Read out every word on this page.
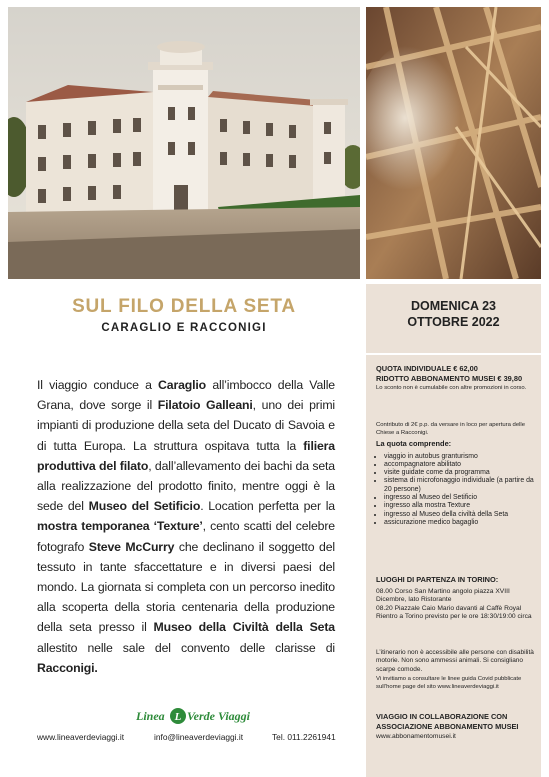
SUL FILO DELLA SETA
CARAGLIO E RACCONIGI

Il viaggio conduce a Caraglio all’imbocco della Valle Grana, dove sorge il Filatoio Galleani, uno dei primi impianti di produzione della seta del Ducato di Savoia e di tutta Europa. La struttura ospitava tutta la filiera produttiva del filato, dall’allevamento dei bachi da seta alla realizzazione del prodotto finito, mentre oggi è la sede del Museo del Setificio. Location perfetta per la mostra temporanea ‘Texture’, cento scatti del celebre fotografo Steve McCurry che declinano il soggetto del tessuto in tante sfaccettature e in diversi paesi del mondo. La giornata si completa con un percorso inedito alla scoperta della storia centenaria della produzione della seta presso il Museo della Civiltà della Seta allestito nelle sale del convento delle clarisse di Racconigi.

Linea L Verde Viaggi
www.lineaverdeviaggi.it	info@lineaverdeviaggi.it	Tel. 011.2261941
DOMENICA 23
OTTOBRE 2022
QUOTA INDIVIDUALE € 62,00
RIDOTTO ABBONAMENTO MUSEI € 39,80
Lo sconto non è cumulabile con altre promozioni in corso.
Contributo di 2€ p.p. da versare in loco per apertura delle Chiese a Racconigi.
La quota comprende:
• viaggio in autobus granturismo
• accompagnatore abilitato
• visite guidate come da programma
• sistema di microfonaggio individuale (a partire da 20 persone)
• ingresso al Museo del Setificio
• ingresso alla mostra Texture
• ingresso al Museo della civiltà della Seta
• assicurazione medico bagaglio
LUOGHI DI PARTENZA IN TORINO:
08.00 Corso San Martino angolo piazza XVIII Dicembre, lato Ristorante
08.20 Piazzale Caio Mario davanti al Caffè Royal
Rientro a Torino previsto per le ore 18:30/19:00 circa
L’itinerario non è accessibile alle persone con disabilità motorie. Non sono ammessi animali. Si consigliano scarpe comode.
Vi invitiamo a consultare le linee guida Covid pubblicate sull’home page del sito www.lineaverdeviaggi.it
VIAGGIO IN COLLABORAZIONE CON
ASSOCIAZIONE ABBONAMENTO MUSEI
www.abbonamentomusei.it
